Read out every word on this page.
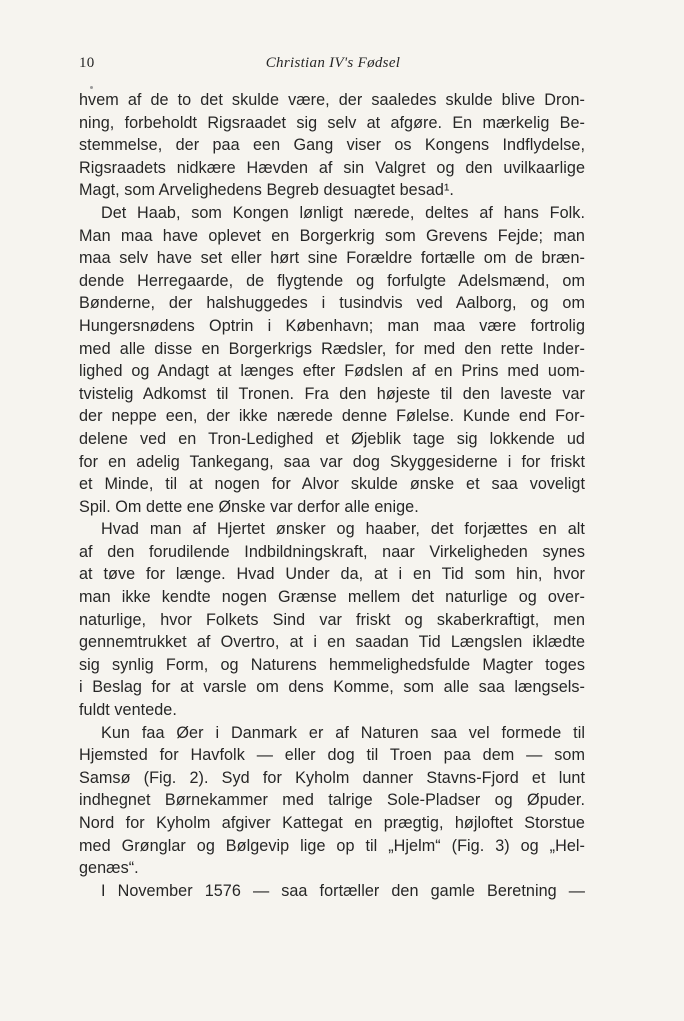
10	Christian IV's Fødsel
hvem af de to det skulde være, der saaledes skulde blive Dron-
ning, forbeholdt Rigsraadet sig selv at afgøre. En mærkelig Be-
stemmelse, der paa een Gang viser os Kongens Indflydelse,
Rigsraadets nidkære Hævden af sin Valgret og den uvilkaarlige
Magt, som Arvelighedens Begreb desuagtet besad¹.
Det Haab, som Kongen lønligt nærede, deltes af hans Folk.
Man maa have oplevet en Borgerkrig som Grevens Fejde; man
maa selv have set eller hørt sine Forældre fortælle om de bræn-
dende Herregaarde, de flygtende og forfulgte Adelsmænd, om
Bønderne, der halshuggedes i tusindvis ved Aalborg, og om
Hungersnødens Optrin i København; man maa være fortrolig
med alle disse en Borgerkrigs Rædsler, for med den rette Inder-
lighed og Andagt at længes efter Fødslen af en Prins med uom-
tvistelig Adkomst til Tronen. Fra den højeste til den laveste var
der neppe een, der ikke nærede denne Følelse. Kunde end For-
delene ved en Tron-Ledighed et Øjeblik tage sig lokkende ud
for en adelig Tankegang, saa var dog Skyggesiderne i for friskt
et Minde, til at nogen for Alvor skulde ønske et saa voveligt
Spil. Om dette ene Ønske var derfor alle enige.
Hvad man af Hjertet ønsker og haaber, det forjættes en alt
af den forudilende Indbildningskraft, naar Virkeligheden synes
at tøve for længe. Hvad Under da, at i en Tid som hin, hvor
man ikke kendte nogen Grænse mellem det naturlige og over-
naturlige, hvor Folkets Sind var friskt og skaberkraftigt, men
gennemtrukket af Overtro, at i en saadan Tid Længslen iklædte
sig synlig Form, og Naturens hemmelighedsfulde Magter toges
i Beslag for at varsle om dens Komme, som alle saa længsels-
fuldt ventede.
Kun faa Øer i Danmark er af Naturen saa vel formede til
Hjemsted for Havfolk — eller dog til Troen paa dem — som
Samsø (Fig. 2). Syd for Kyholm danner Stavns-Fjord et lunt
indhegnet Børnekammer med talrige Sole-Pladser og Øpuder.
Nord for Kyholm afgiver Kattegat en prægtig, højloftet Storstue
med Grønglar og Bølgevip lige op til „Hjelm“ (Fig. 3) og „Hel-
genæs“.
I November 1576 — saa fortæller den gamle Beretning —
